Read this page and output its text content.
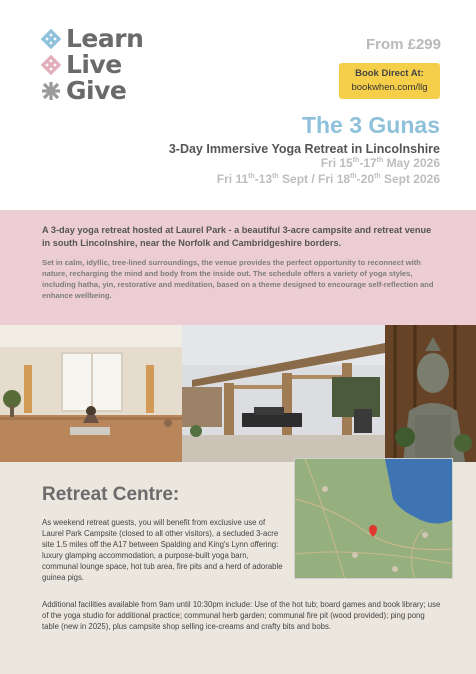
Learn
Live
Give
From £299
Book Direct At:
bookwhen.com/llg
The 3 Gunas
3-Day Immersive Yoga Retreat in Lincolnshire
Fri 15th-17th May 2026
Fri 11th-13th Sept / Fri 18th-20th Sept 2026

A 3-day yoga retreat hosted at Laurel Park - a beautiful 3-acre campsite and retreat venue in south Lincolnshire, near the Norfolk and Cambridgeshire borders.

Set in calm, idyllic, tree-lined surroundings, the venue provides the perfect opportunity to reconnect with nature, recharging the mind and body from the inside out. The schedule offers a variety of yoga styles, including hatha, yin, restorative and meditation, based on a theme designed to encourage self-reflection and enhance wellbeing.

Retreat Centre:

As weekend retreat guests, you will benefit from exclusive use of Laurel Park Campsite (closed to all other visitors), a secluded 3-acre site 1.5 miles off the A17 between Spalding and King's Lynn offering: luxury glamping accommodation, a purpose-built yoga barn, communal lounge space, hot tub area, fire pits and a herd of adorable guinea pigs.

Additional facilities available from 9am until 10:30pm include: Use of the hot tub; board games and book library; use of the yoga studio for additional practice; communal herb garden; communal fire pit (wood provided); ping pong table (new in 2025), plus campsite shop selling ice-creams and crafty bits and bobs.
